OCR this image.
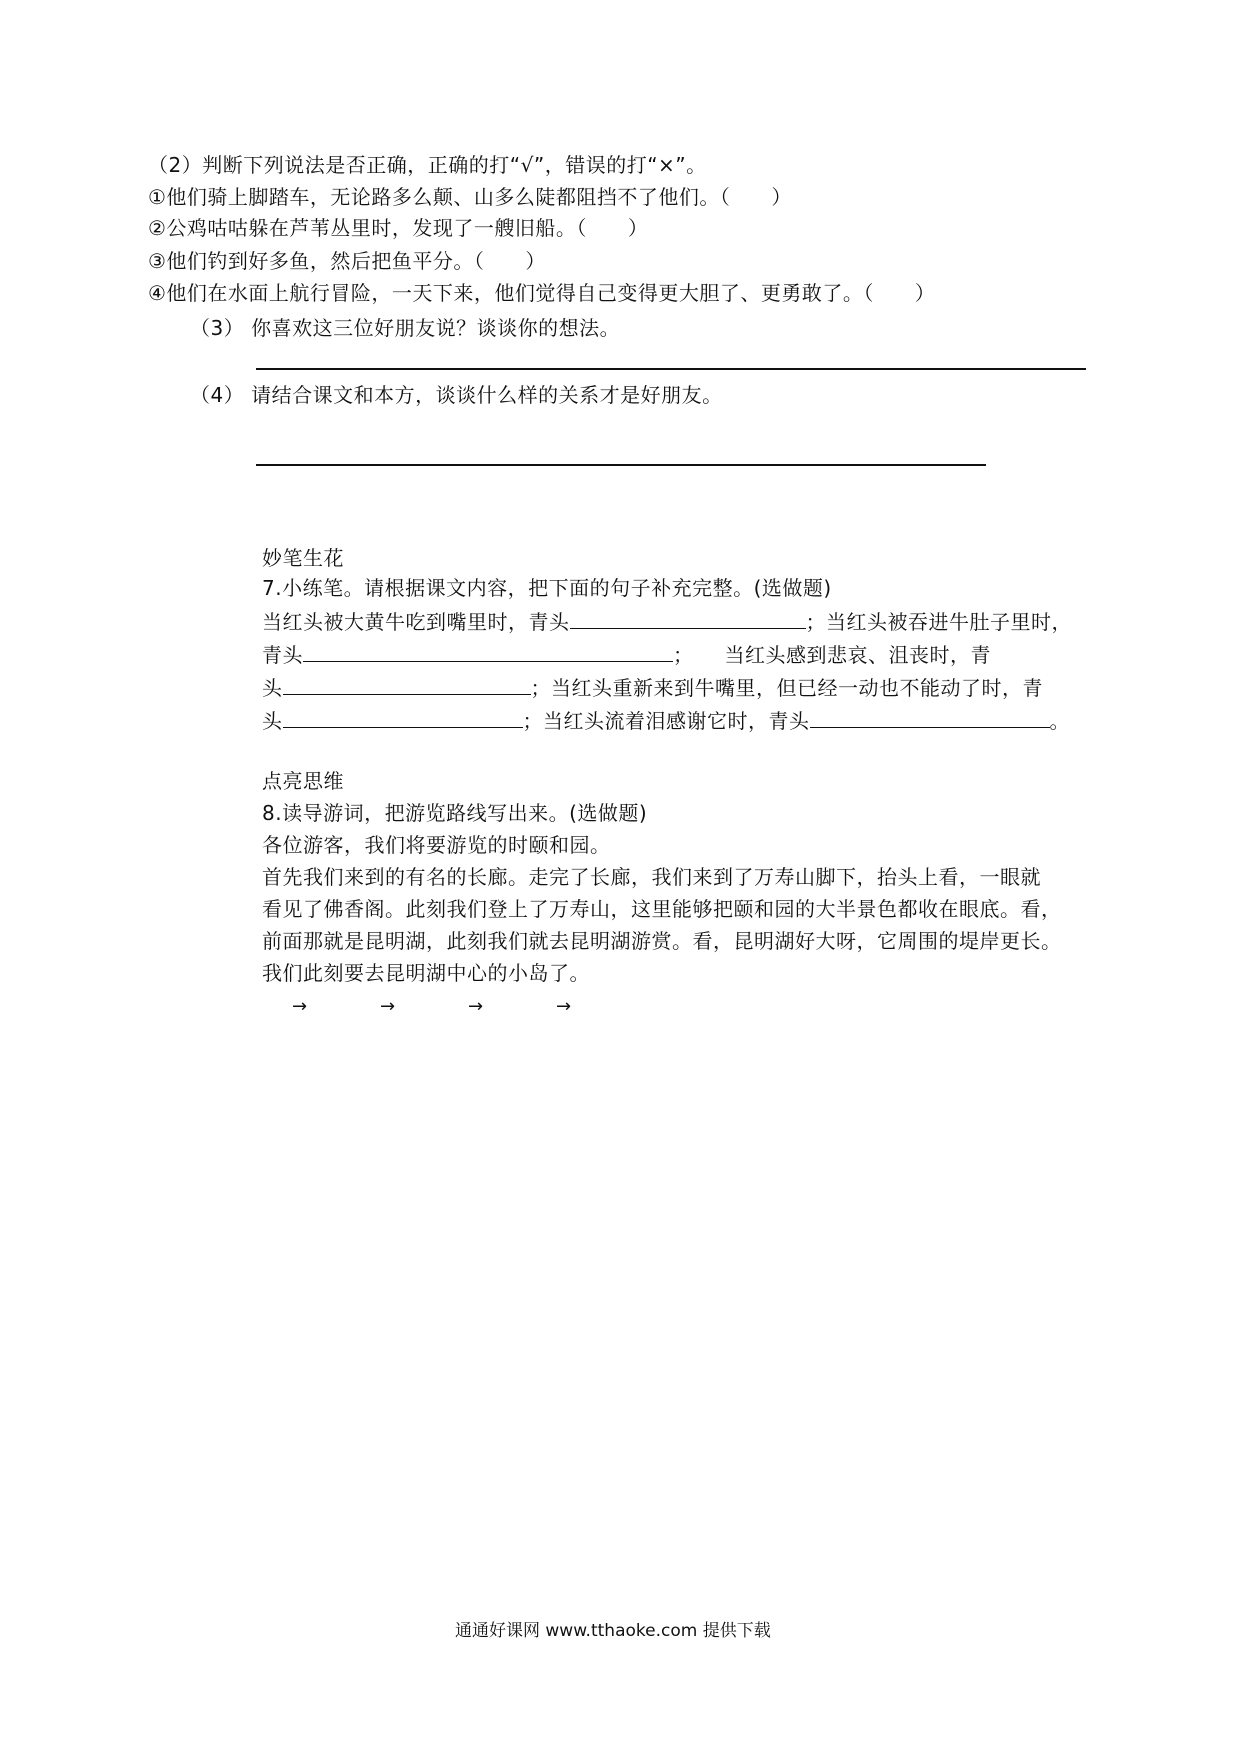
（2）判断下列说法是否正确，正确的打“√”，错误的打“×”。
①他们骑上脚踏车，无论路多么颠、山多么陡都阻挡不了他们。（　　）
②公鸡咕咕躲在芦苇丛里时，发现了一艘旧船。（　　）
③他们钓到好多鱼，然后把鱼平分。（　　）
④他们在水面上航行冒险，一天下来，他们觉得自己变得更大胆了、更勇敢了。（　　）
（3） 你喜欢这三位好朋友说？谈谈你的想法。
（4） 请结合课文和本方，谈谈什么样的关系才是好朋友。
妙笔生花
7.小练笔。请根据课文内容，把下面的句子补充完整。(选做题)
当红头被大黄牛吃到嘴里时，青头	；当红头被吞进牛肚子里时，
青头	；　　当红头感到悲哀、沮丧时，青
头	；当红头重新来到牛嘴里，但已经一动也不能动了时，青
头	；当红头流着泪感谢它时，青头	。
点亮思维
8.读导游词，把游览路线写出来。(选做题)
各位游客，我们将要游览的时颐和园。
首先我们来到的有名的长廊。走完了长廊，我们来到了万寿山脚下，抬头上看，一眼就
看见了佛香阁。此刻我们登上了万寿山，这里能够把颐和园的大半景色都收在眼底。看，
前面那就是昆明湖，此刻我们就去昆明湖游赏。看，昆明湖好大呀，它周围的堤岸更长。
我们此刻要去昆明湖中心的小岛了。
→	→	→	→
通通好课网 www.tthaoke.com 提供下载
